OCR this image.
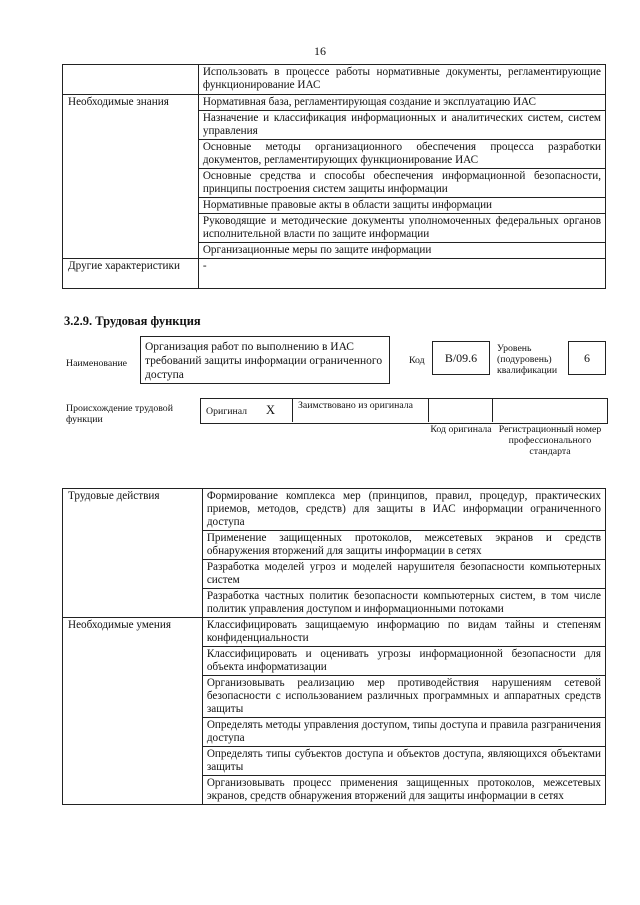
16
	Использовать в процессе работы нормативные документы, регламентирующие функционирование ИАС
Необходимые знания	Нормативная база, регламентирующая создание и эксплуатацию ИАС
	Назначение и классификация информационных и аналитических систем, систем управления
	Основные методы организационного обеспечения процесса разработки документов, регламентирующих функционирование ИАС
	Основные средства и способы обеспечения информационной безопасности, принципы построения систем защиты информации
	Нормативные правовые акты в области защиты информации
	Руководящие и методические документы уполномоченных федеральных органов исполнительной власти по защите информации
	Организационные меры по защите информации
Другие характеристики	-
3.2.9. Трудовая функция
Наименование
Организация работ по выполнению в ИАС требований защиты информации ограниченного доступа
Код	B/09.6
Уровень (подуровень) квалификации
6
Происхождение трудовой функции
Оригинал X Заимствовано из оригинала
Код оригинала Регистрационный номер профессионального стандарта
Трудовые действия	Формирование комплекса мер (принципов, правил, процедур, практических приемов, методов, средств) для защиты в ИАС информации ограниченного доступа
	Применение защищенных протоколов, межсетевых экранов и средств обнаружения вторжений для защиты информации в сетях
	Разработка моделей угроз и моделей нарушителя безопасности компьютерных систем
	Разработка частных политик безопасности компьютерных систем, в том числе политик управления доступом и информационными потоками
Необходимые умения	Классифицировать защищаемую информацию по видам тайны и степеням конфиденциальности
	Классифицировать и оценивать угрозы информационной безопасности для объекта информатизации
	Организовывать реализацию мер противодействия нарушениям сетевой безопасности с использованием различных программных и аппаратных средств защиты
	Определять методы управления доступом, типы доступа и правила разграничения доступа
	Определять типы субъектов доступа и объектов доступа, являющихся объектами защиты
	Организовывать процесс применения защищенных протоколов, межсетевых экранов, средств обнаружения вторжений для защиты информации в сетях
